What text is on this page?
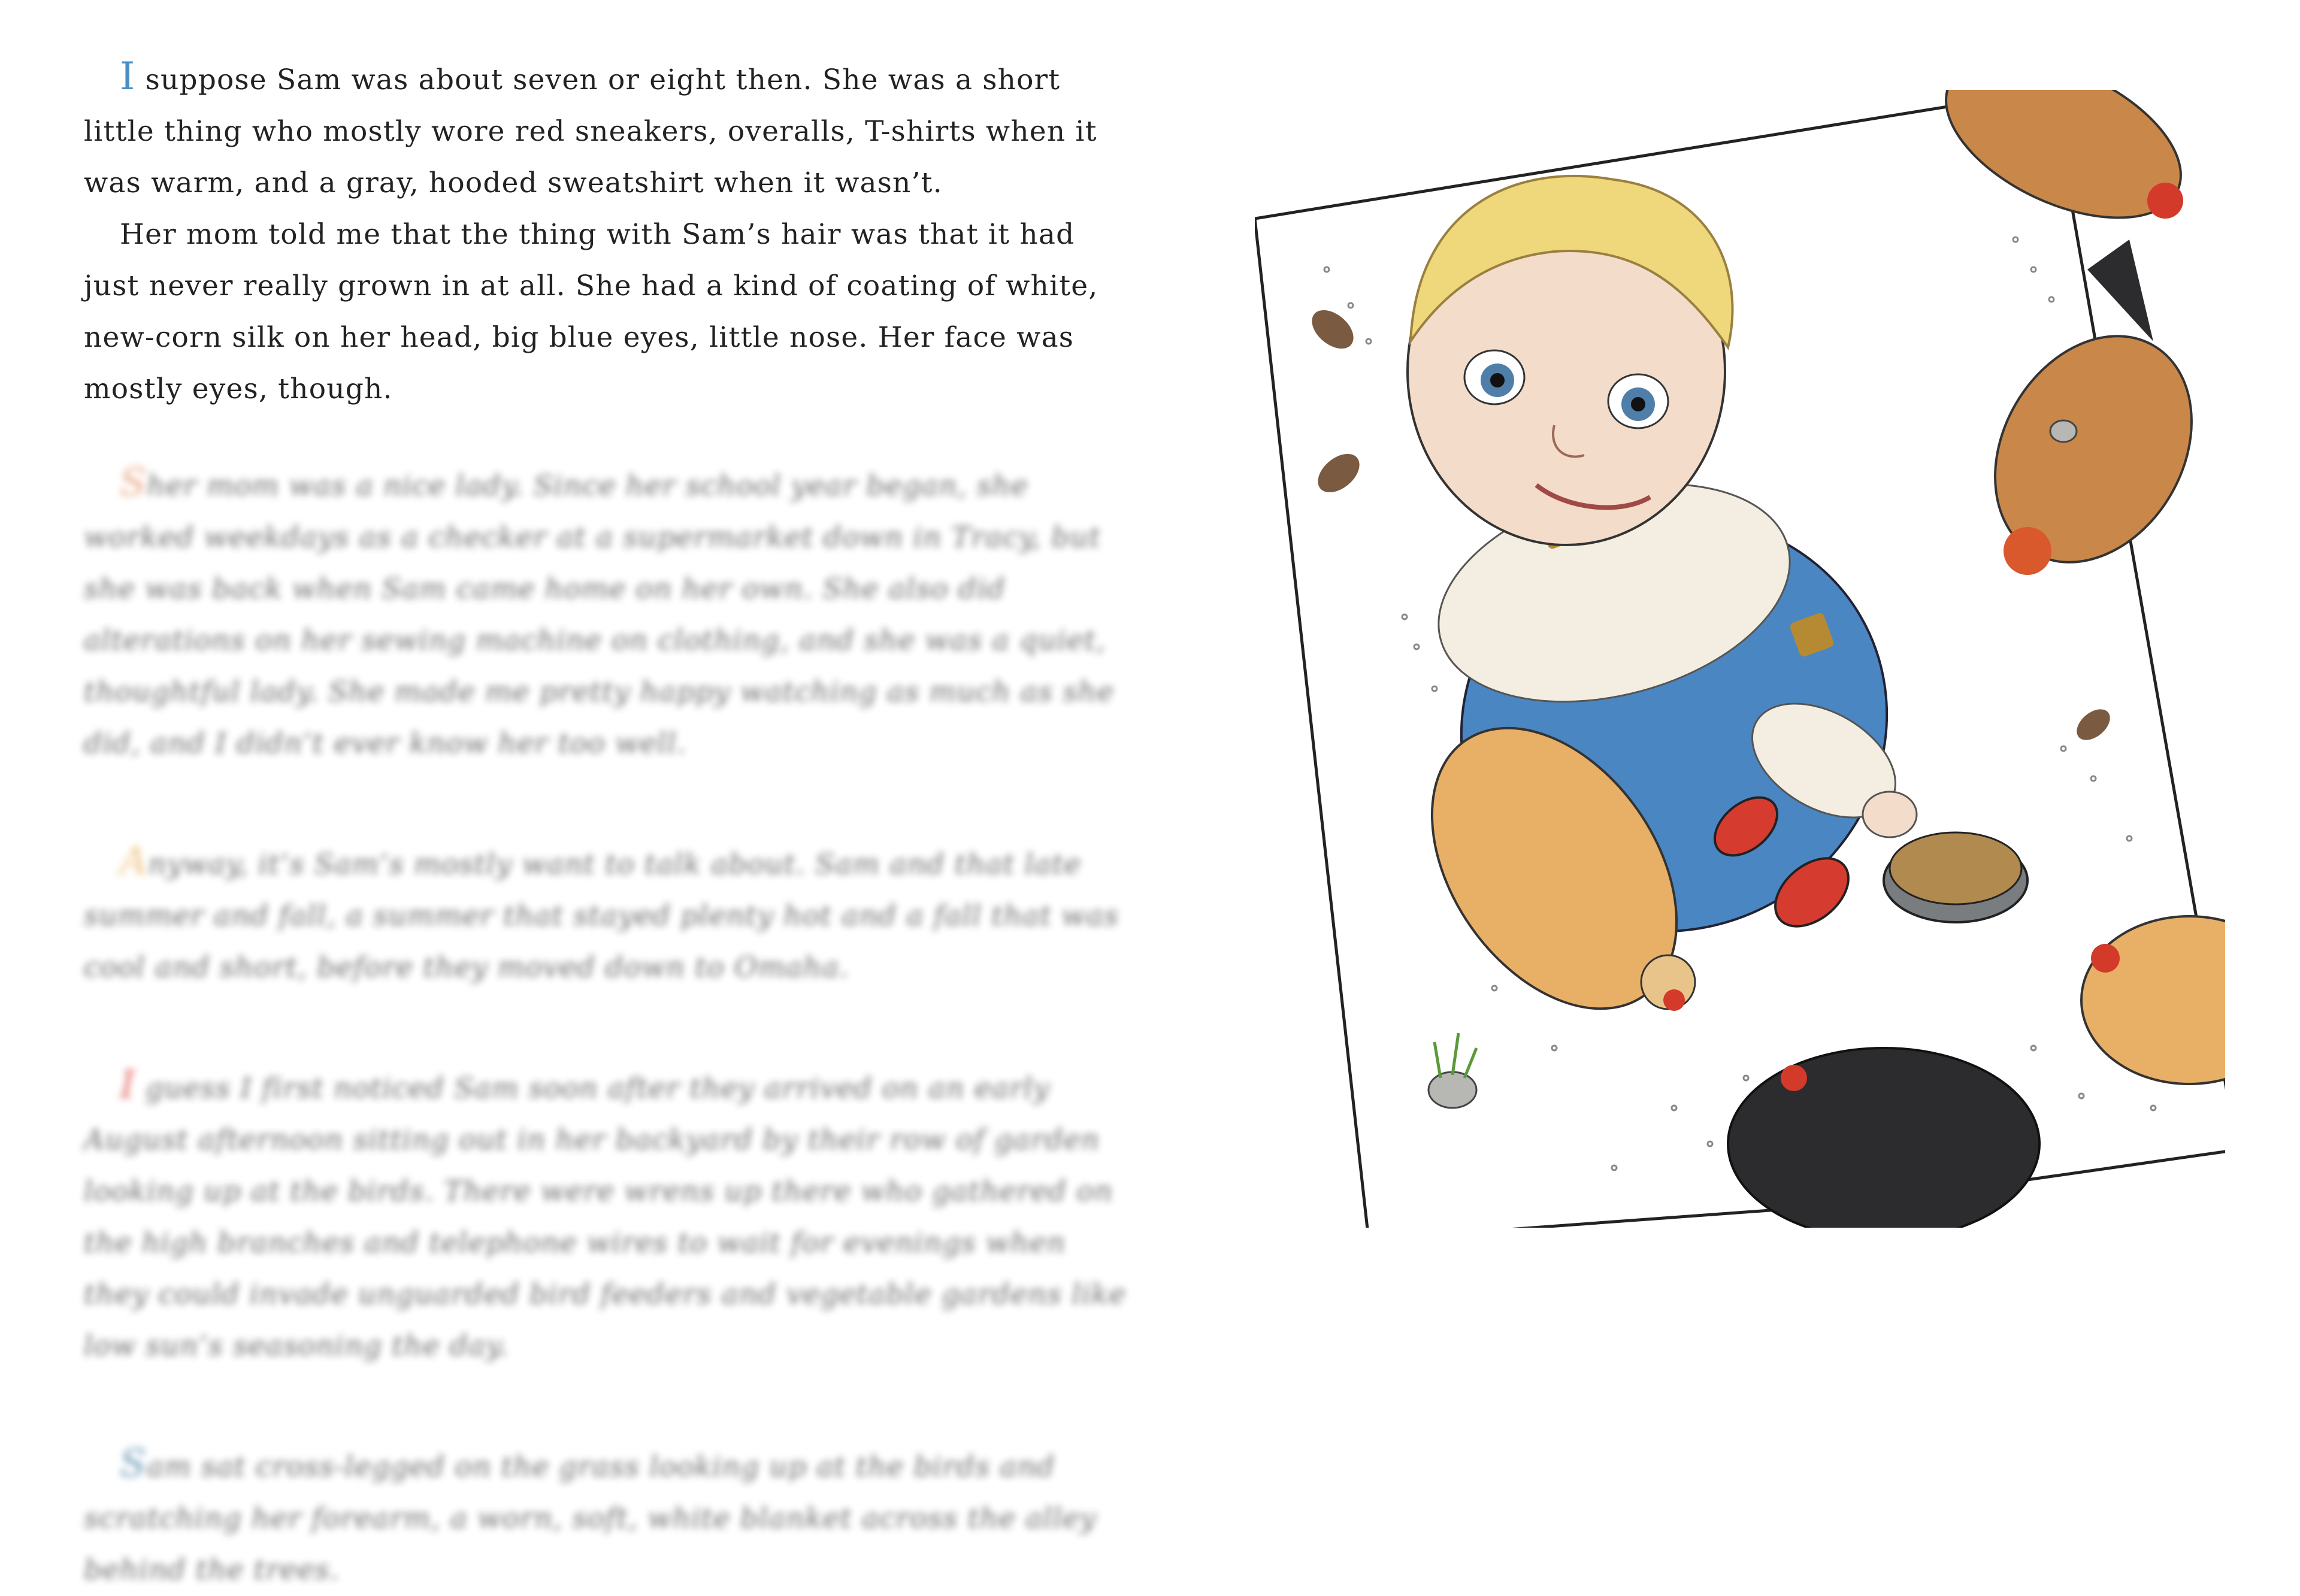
I suppose Sam was about seven or eight then. She was a short little thing who mostly wore red sneakers, overalls, T-shirts when it was warm, and a gray, hooded sweatshirt when it wasn’t.

Her mom told me that the thing with Sam’s hair was that it had just never really grown in at all. She had a kind of coating of white, new-corn silk on her head, big blue eyes, little nose. Her face was mostly eyes, though.

Sher mom was a nice lady. Since her school year began, she worked weekdays as a checker at a supermarket down in Tracy, but she was back when Sam came home on her own. She also did alterations on her sewing machine on clothing, and she was a quiet, thoughtful lady. She made me pretty happy watching as much as she did, and I didn’t ever know her too well.

Anyway, it’s Sam’s mostly want to talk about. Sam and that late summer and fall, a summer that stayed plenty hot and a fall that was cool and short, before they moved down to Omaha.

I guess I first noticed Sam soon after they arrived on an early August afternoon sitting out in her backyard by their row of garden looking up at the birds. There were wrens up there who gathered on the high branches and telephone wires to wait for evenings when they could invade unguarded bird feeders and vegetable gardens like low sun’s seasoning the day.

Sam sat cross-legged on the grass looking up at the birds and scratching her forearm, a worn, soft, white blanket across the alley behind the trees.
